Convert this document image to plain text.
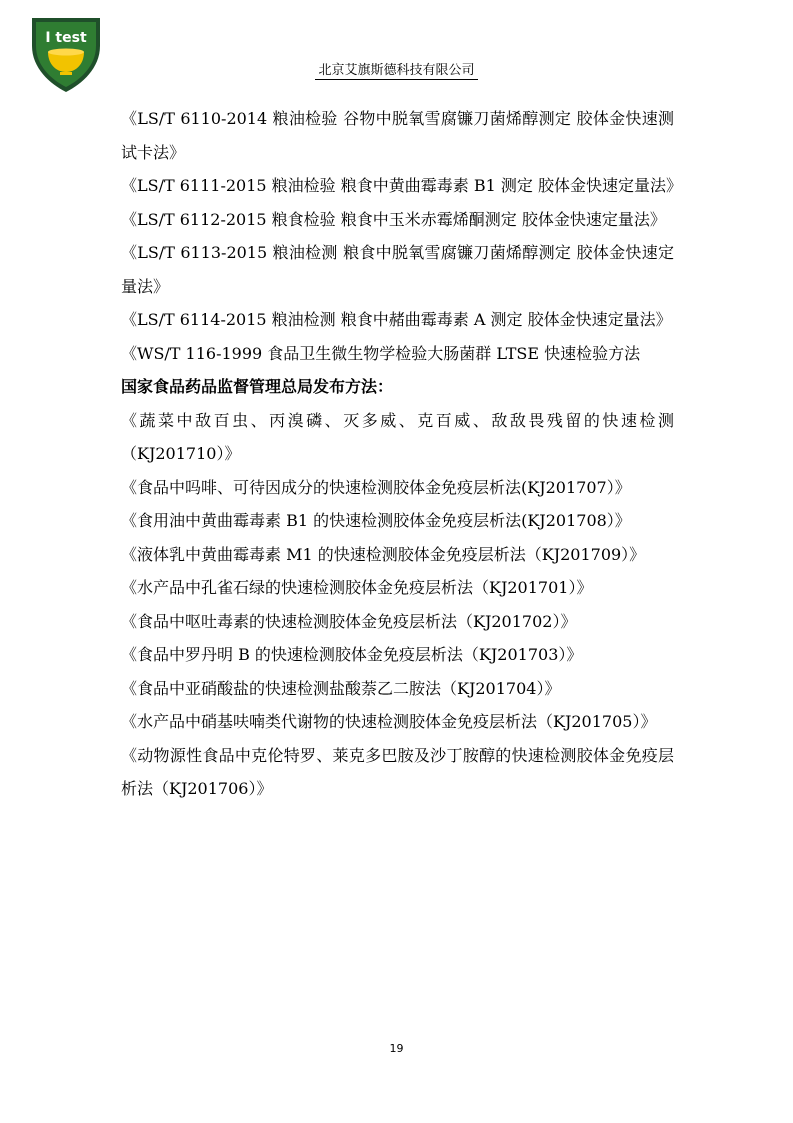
I test
北京艾旗斯德科技有限公司

《LS/T 6110-2014 粮油检验 谷物中脱氧雪腐镰刀菌烯醇测定 胶体金快速测试卡法》

《LS/T 6111-2015 粮油检验 粮食中黄曲霉毒素 B1 测定 胶体金快速定量法》

《LS/T 6112-2015 粮食检验 粮食中玉米赤霉烯酮测定 胶体金快速定量法》

《LS/T 6113-2015 粮油检测 粮食中脱氧雪腐镰刀菌烯醇测定 胶体金快速定量法》

《LS/T 6114-2015 粮油检测 粮食中赭曲霉毒素 A 测定 胶体金快速定量法》

《WS/T 116-1999 食品卫生微生物学检验大肠菌群 LTSE 快速检验方法

国家食品药品监督管理总局发布方法：

《蔬菜中敌百虫、丙溴磷、灭多威、克百威、敌敌畏残留的快速检测（KJ201710）》

《食品中吗啡、可待因成分的快速检测胶体金免疫层析法(KJ201707）》

《食用油中黄曲霉毒素 B1 的快速检测胶体金免疫层析法(KJ201708）》

《液体乳中黄曲霉毒素 M1 的快速检测胶体金免疫层析法（KJ201709）》

《水产品中孔雀石绿的快速检测胶体金免疫层析法（KJ201701）》

《食品中呕吐毒素的快速检测胶体金免疫层析法（KJ201702）》

《食品中罗丹明 B 的快速检测胶体金免疫层析法（KJ201703）》

《食品中亚硝酸盐的快速检测盐酸萘乙二胺法（KJ201704）》

《水产品中硝基呋喃类代谢物的快速检测胶体金免疫层析法（KJ201705）》

《动物源性食品中克伦特罗、莱克多巴胺及沙丁胺醇的快速检测胶体金免疫层析法（KJ201706）》

19
